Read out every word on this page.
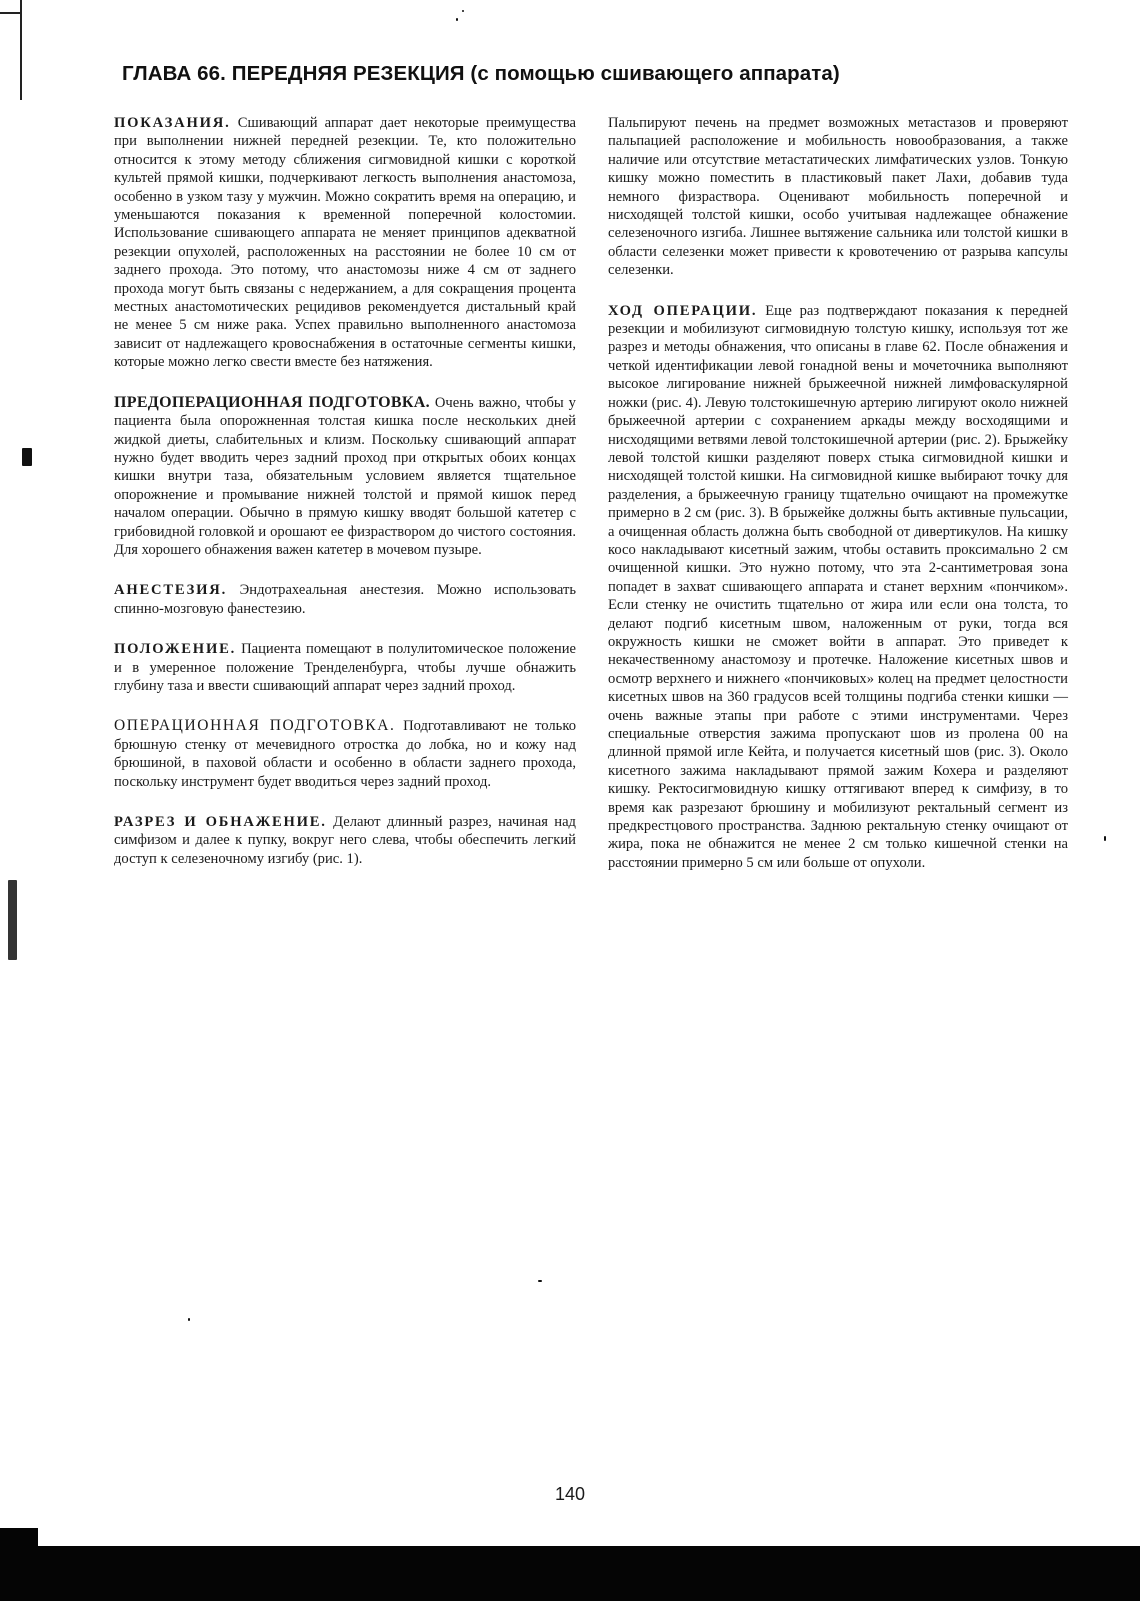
ГЛАВА 66. ПЕРЕДНЯЯ РЕЗЕКЦИЯ (с помощью сшивающего аппарата)

ПОКАЗАНИЯ. Сшивающий аппарат дает некоторые преимущества при выполнении нижней передней резекции. Те, кто положительно относится к этому методу сближения сигмовидной кишки с короткой культей прямой кишки, подчеркивают легкость выполнения анастомоза, особенно в узком тазу у мужчин. Можно сократить время на операцию, и уменьшаются показания к временной поперечной колостомии. Использование сшивающего аппарата не меняет принципов адекватной резекции опухолей, расположенных на расстоянии не более 10 см от заднего прохода. Это потому, что анастомозы ниже 4 см от заднего прохода могут быть связаны с недержанием, а для сокращения процента местных анастомотических рецидивов рекомендуется дистальный край не менее 5 см ниже рака. Успех правильно выполненного анастомоза зависит от надлежащего кровоснабжения в остаточные сегменты кишки, которые можно легко свести вместе без натяжения.

ПРЕДОПЕРАЦИОННАЯ ПОДГОТОВКА. Очень важно, чтобы у пациента была опорожненная толстая кишка после нескольких дней жидкой диеты, слабительных и клизм. Поскольку сшивающий аппарат нужно будет вводить через задний проход при открытых обоих концах кишки внутри таза, обязательным условием является тщательное опорожнение и промывание нижней толстой и прямой кишок перед началом операции. Обычно в прямую кишку вводят большой катетер с грибовидной головкой и орошают ее физраствором до чистого состояния. Для хорошего обнажения важен катетер в мочевом пузыре.

АНЕСТЕЗИЯ. Эндотрахеальная анестезия. Можно использовать спинно-мозговую фанестезию.

ПОЛОЖЕНИЕ. Пациента помещают в полулитомическое положение и в умеренное положение Тренделенбурга, чтобы лучше обнажить глубину таза и ввести сшивающий аппарат через задний проход.

ОПЕРАЦИОННАЯ ПОДГОТОВКА. Подготавливают не только брюшную стенку от мечевидного отростка до лобка, но и кожу над брюшиной, в паховой области и особенно в области заднего прохода, поскольку инструмент будет вводиться через задний проход.

РАЗРЕЗ И ОБНАЖЕНИЕ. Делают длинный разрез, начиная над симфизом и далее к пупку, вокруг него слева, чтобы обеспечить легкий доступ к селезеночному изгибу (рис. 1).

Пальпируют печень на предмет возможных метастазов и проверяют пальпацией расположение и мобильность новообразования, а также наличие или отсутствие метастатических лимфатических узлов. Тонкую кишку можно поместить в пластиковый пакет Лахи, добавив туда немного физраствора. Оценивают мобильность поперечной и нисходящей толстой кишки, особо учитывая надлежащее обнажение селезеночного изгиба. Лишнее вытяжение сальника или толстой кишки в области селезенки может привести к кровотечению от разрыва капсулы селезенки.

ХОД ОПЕРАЦИИ. Еще раз подтверждают показания к передней резекции и мобилизуют сигмовидную толстую кишку, используя тот же разрез и методы обнажения, что описаны в главе 62. После обнажения и четкой идентификации левой гонадной вены и мочеточника выполняют высокое лигирование нижней брыжеечной нижней лимфоваскулярной ножки (рис. 4). Левую толстокишечную артерию лигируют около нижней брыжеечной артерии с сохранением аркады между восходящими и нисходящими ветвями левой толстокишечной артерии (рис. 2). Брыжейку левой толстой кишки разделяют поверх стыка сигмовидной кишки и нисходящей толстой кишки. На сигмовидной кишке выбирают точку для разделения, а брыжеечную границу тщательно очищают на промежутке примерно в 2 см (рис. 3). В брыжейке должны быть активные пульсации, а очищенная область должна быть свободной от дивертикулов. На кишку косо накладывают кисетный зажим, чтобы оставить проксимально 2 см очищенной кишки. Это нужно потому, что эта 2-сантиметровая зона попадет в захват сшивающего аппарата и станет верхним «пончиком». Если стенку не очистить тщательно от жира или если она толста, то делают подгиб кисетным швом, наложенным от руки, тогда вся окружность кишки не сможет войти в аппарат. Это приведет к некачественному анастомозу и протечке. Наложение кисетных швов и осмотр верхнего и нижнего «пончиковых» колец на предмет целостности кисетных швов на 360 градусов всей толщины подгиба стенки кишки — очень важные этапы при работе с этими инструментами. Через специальные отверстия зажима пропускают шов из пролена 00 на длинной прямой игле Кейта, и получается кисетный шов (рис. 3). Около кисетного зажима накладывают прямой зажим Кохера и разделяют кишку. Ректосигмовидную кишку оттягивают вперед к симфизу, в то время как разрезают брюшину и мобилизуют ректальный сегмент из предкрестцового пространства. Заднюю ректальную стенку очищают от жира, пока не обнажится не менее 2 см только кишечной стенки на расстоянии примерно 5 см или больше от опухоли.

140
